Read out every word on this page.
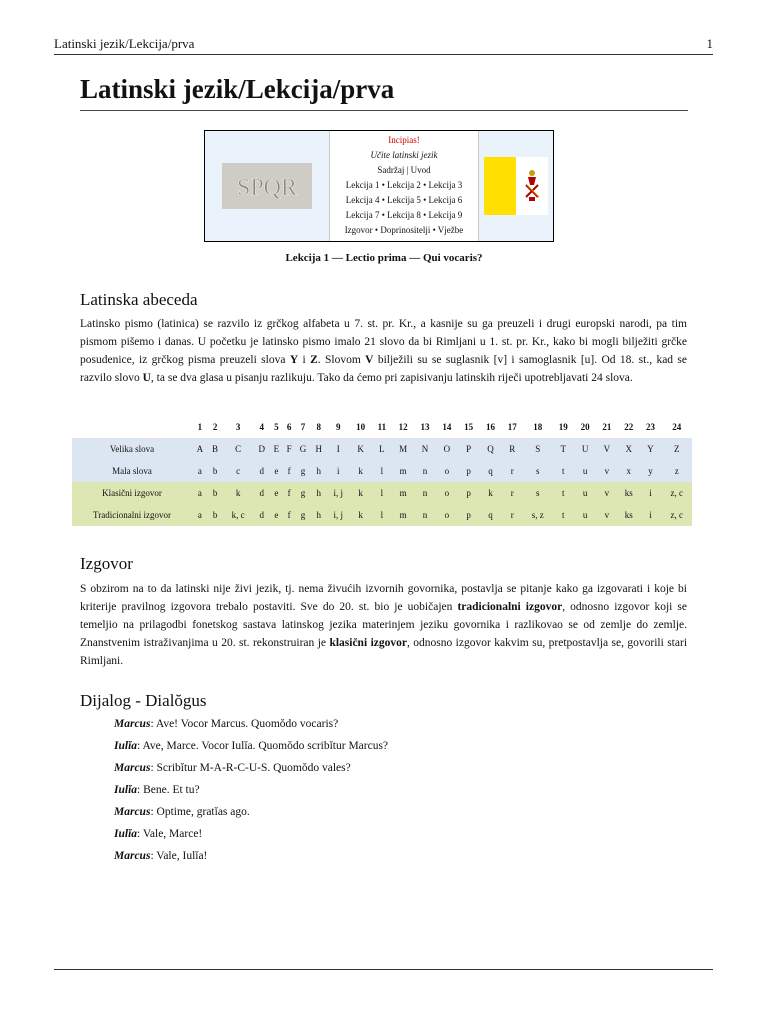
Latinski jezik/Lekcija/prva	1
Latinski jezik/Lekcija/prva
SPQR
Incipias!
Učite latinski jezik
Sadržaj | Uvod
Lekcija 1 • Lekcija 2 • Lekcija 3
Lekcija 4 • Lekcija 5 • Lekcija 6
Lekcija 7 • Lekcija 8 • Lekcija 9
Izgovor • Doprinositelji • Vježbe
Lekcija 1 — Lectio prima — Qui vocaris?
Latinska abeceda

Latinsko pismo (latinica) se razvilo iz grčkog alfabeta u 7. st. pr. Kr., a kasnije su ga preuzeli i drugi europski narodi, pa tim pismom pišemo i danas. U početku je latinsko pismo imalo 21 slovo da bi Rimljani u 1. st. pr. Kr., kako bi mogli bilježiti grčke posudenice, iz grčkog pisma preuzeli slova Y i Z. Slovom V bilježili su se suglasnik [v] i samoglasnik [u]. Od 18. st., kad se razvilo slovo U, ta se dva glasa u pisanju razlikuju. Tako da ćemo pri zapisivanju latinskih riječi upotrebljavati 24 slova.

	1	2	3	4	5	6	7	8	9	10	11	12	13	14	15	16	17	18	19	20	21	22	23	24
Velika slova	A	B	C	D	E	F	G	H	I	K	L	M	N	O	P	Q	R	S	T	U	V	X	Y	Z
Mala slova	a	b	c	d	e	f	g	h	i	k	l	m	n	o	p	q	r	s	t	u	v	x	y	z
Klasični izgovor	a	b	k	d	e	f	g	h	i, j	k	l	m	n	o	p	k	r	s	t	u	v	ks	i	z, c
Tradicionalni izgovor	a	b	k, c	d	e	f	g	h	i, j	k	l	m	n	o	p	q	r	s, z	t	u	v	ks	i	z, c
Izgovor

S obzirom na to da latinski nije živi jezik, tj. nema živućih izvornih govornika, postavlja se pitanje kako ga izgovarati i koje bi kriterije pravilnog izgovora trebalo postaviti. Sve do 20. st. bio je uobičajen tradicionalni izgovor, odnosno izgovor koji se temeljio na prilagodbi fonetskog sastava latinskog jezika materinjem jeziku govornika i razlikovao se od zemlje do zemlje. Znanstvenim istraživanjima u 20. st. rekonstruiran je klasični izgovor, odnosno izgovor kakvim su, pretpostavlja se, govorili stari Rimljani.

Dijalog - Dialŏgus
Marcus: Ave! Vocor Marcus. Quomŏdo vocaris?
Iulĭa: Ave, Marce. Vocor Iulĭa. Quomŏdo scribĭtur Marcus?
Marcus: Scribĭtur M-A-R-C-U-S. Quomŏdo vales?
Iulĭa: Bene. Et tu?
Marcus: Optime, gratĭas ago.
Iulĭa: Vale, Marce!
Marcus: Vale, Iulĭa!
